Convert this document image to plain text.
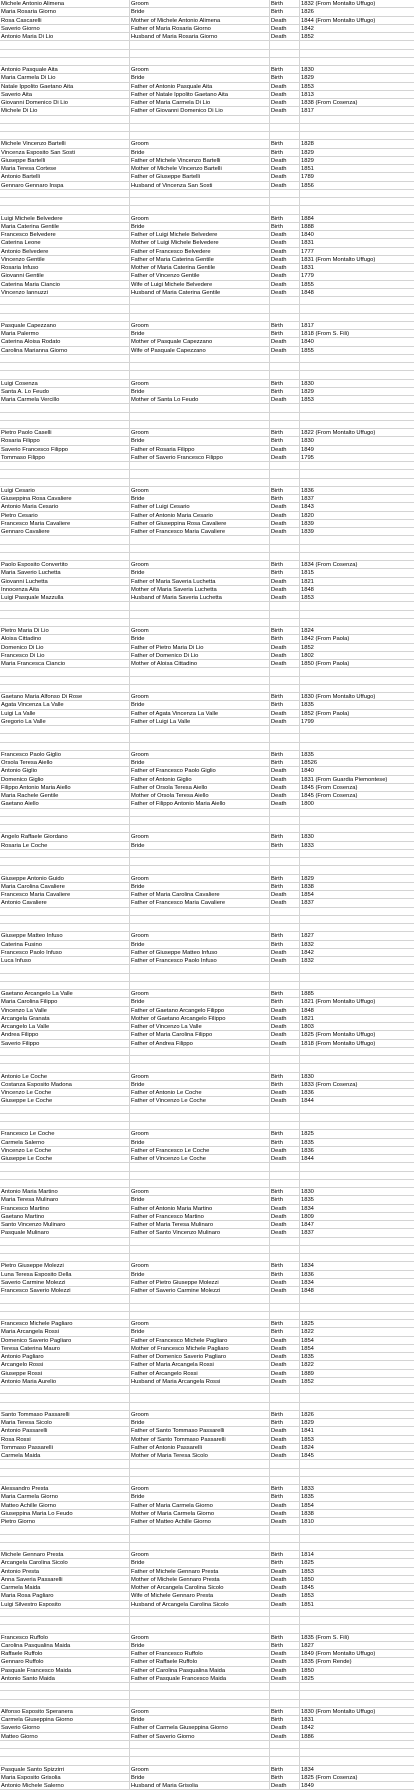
Michele Antonio Alimena	Groom	Birth	1832 (From Montalto Uffugo)
Maria Rosaria Giorno	Bride	Birth	1826
Rosa Cascarelli	Mother of Michele Antonio Alimena	Death	1844 (From Montalto Uffugo)
Saverio Giorno	Father of Maria Rosaria Giorno	Death	1842
Antonio Maria Di Lio	Husband of Maria Rosaria Giorno	Death	1852
Antonio Pasquale Aita	Groom	Birth	1830
Maria Carmela Di Lio	Bride	Birth	1829
Natale Ippolito Gaetano Aita	Father of Antonio Pasquale Aita	Death	1853
Saverio Aita	Father of Natale Ippolito Gaetano Aita	Death	1813
Giovanni Domenico Di Lio	Father of Maria Carmela Di Lio	Death	1838 (From Cosenza)
Michele Di Lio	Father of Giovanni Domenico Di Lio	Death	1817
Michele Vincenzo Bartelli	Groom	Birth	1828
Vincenza Esposito San Sosti	Bride	Birth	1829
Giuseppe Bartelli	Father of Michele Vincenzo Bartelli	Death	1829
Maria Teresa Cortese	Mother of Michele Vincenzo Bartelli	Death	1851
Antonio Bartelli	Father of Giuseppe Bartelli	Death	1789
Gennaro Gennaro Inspa	Husband of Vincenza San Sosti	Death	1856
Luigi Michele Belvedere	Groom	Birth	1884
Maria Caterina Gentile	Bride	Birth	1888
Francesco Belvedere	Father of Luigi Michele Belvedere	Death	1840
Caterina Leone	Mother of Luigi Michele Belvedere	Death	1831
Antonio Belvedere	Father of Francesco Belvedere	Death	1777
Vincenzo Gentile	Father of Maria Caterina Gentile	Death	1831 (From Montalto Uffugo)
Rosaria Infuso	Mother of Maria Caterina Gentile	Death	1831
Giovanni Gentile	Father of Vincenzo Gentile	Death	1779
Caterina Maria Ciancio	Wife of Luigi Michele Belvedere	Death	1855
Vincenzo Iannuzzi	Husband of Maria Caterina Gentile	Death	1848
Pasquale Capezzano	Groom	Birth	1817
Maria Palermo	Bride	Birth	1818 (From S. Fili)
Caterina Aloisa Rodato	Mother of Pasquale Capezzano	Death	1840
Carolina Marianna Giorno	Wife of Pasquale Capezzano	Death	1855
Luigi Cosenza	Groom	Birth	1830
Santa A. Lo Feudo	Bride	Birth	1829
Maria Carmela Vercillo	Mother of Santa Lo Feudo	Death	1853
Pietro Paolo Caselli	Groom	Birth	1822 (From Montalto Uffugo)
Rosaria Filippo	Bride	Birth	1830
Saverio Francesco Filippo	Father of Rosaria Filippo	Death	1849
Tommaso Filippo	Father of Saverio Francesco Filippo	Death	1795
Luigi Cesario	Groom	Birth	1836
Giuseppina Rosa Cavaliere	Bride	Birth	1837
Antonio Maria Cesario	Father of Luigi Cesario	Death	1843
Pietro Cesario	Father of Antonio Maria Cesario	Death	1820
Francesco Maria Cavaliere	Father of Giuseppina Rosa Cavaliere	Death	1839
Gennaro Cavaliere	Father of Francesco Maria Cavaliere	Death	1839
Paolo Esposito Convertito	Groom	Birth	1834 (From Cosenza)
Maria Saverio Luchetta	Bride	Birth	1815
Giovanni Luchetta	Father of Maria Saveria Luchetta	Death	1821
Innocenza Aita	Mother of Maria Saveria Luchetta	Death	1848
Luigi Pasquale Mazzulla	Husband of Maria Saveria Luchetta	Death	1853
Pietro Maria Di Lio	Groom	Birth	1824
Aloisa Cittadino	Bride	Birth	1842 (From Paola)
Domenico Di Lio	Father of Pietro Maria Di Lio	Death	1852
Francesco Di Lio	Father of Domenico Di Lio	Death	1802
Maria Francesca Ciancio	Mother of Aloisa Cittadino	Death	1850 (From Paola)
Gaetano Maria Alfonso Di Rose	Groom	Birth	1830 (From Montalto Uffugo)
Agata Vincenza La Valle	Bride	Birth	1835
Luigi La Valle	Father of Agata Vincenza La Valle	Death	1852 (From Paola)
Gregorio La Valle	Father of Luigi La Valle	Death	1799
Francesco Paolo Giglio	Groom	Birth	1835
Orsola Teresa Aiello	Bride	Birth	18526
Antonio Giglio	Father of Francesco Paolo Giglio	Death	1840
Domenico Giglio	Father of Antonio Giglio	Death	1831 (From Guardia Piemontese)
Filippo Antonio Maria Aiello	Father of Orsola Teresa Aiello	Death	1845 (From Cosenza)
Maria Rachele Gentile	Mother of Orsola Teresa Aiello	Death	1845 (From Cosenza)
Gaetano Aiello	Father of Filippo Antonio Maria Aiello	Death	1800
Angelo Raffaele Giordano	Groom	Birth	1830
Rosaria Le Coche	Bride	Birth	1833
Giuseppe Antonio Guido	Groom	Birth	1829
Maria Carolina Cavaliere	Bride	Birth	1838
Francesco Maria Cavaliere	Father of Maria Carolina Cavaliere	Death	1854
Antonio Cavaliere	Father of Francesco Maria Cavaliere	Death	1837
Giuseppe Matteo Infuso	Groom	Birth	1827
Caterina Fusino	Bride	Birth	1832
Francesco Paolo Infuso	Father of Giuseppe Matteo Infuso	Death	1842
Luca Infuso	Father of Francesco Paolo Infuso	Death	1832
Gaetano Arcangelo La Valle	Groom	Birth	1885
Maria Carolina Filippo	Bride	Birth	1821 (From Montalto Uffugo)
Vincenzo La Valle	Father of Gaetano Arcangelo Filippo	Death	1848
Arcangela Granata	Mother of Gaetano Arcangelo Filippo	Death	1821
Arcangelo La Valle	Father of Vincenzo La Valle	Death	1803
Andrea Filippo	Father of Maria Carolina Filippo	Death	1825 (From Montalto Uffugo)
Saverio Filippo	Father of Andrea Filippo	Death	1818 (From Montalto Uffugo)
Antonio Le Coche	Groom	Birth	1830
Costanza Esposito Madona	Bride	Birth	1833 (From Cosenza)
Vincenzo Le Coche	Father of Antonio Le Coche	Death	1836
Giuseppe Le Coche	Father of Vincenzo Le Coche	Death	1844
Francesco Le Coche	Groom	Birth	1825
Carmela Salerno	Bride	Birth	1835
Vincenzo Le Coche	Father of Francesco Le Coche	Death	1836
Giuseppe Le Coche	Father of Vincenzo Le Coche	Death	1844
Antonio Maria Martino	Groom	Birth	1830
Maria Teresa Mulinaro	Bride	Birth	1835
Francesco Martino	Father of Antonio Maria Martino	Death	1834
Gaetano Martino	Father of Francesco Martino	Death	1809
Santo Vincenzo Mulinaro	Father of Maria Teresa Mulinaro	Death	1847
Pasquale Mulinaro	Father of Santo Vincenzo Mulinaro	Death	1837
Pietro Giuseppe Molezzi	Groom	Birth	1834
Luna Teresa Esposito Della	Bride	Birth	1836
Saverio Carmine Molezzi	Father of Pietro Giuseppe Molezzi	Death	1834
Francesco Saverio Molezzi	Father of Saverio Carmine Molezzi	Death	1848
Francesco Michele Pagliaro	Groom	Birth	1825
Maria Arcangela Rossi	Bride	Birth	1822
Domenico Saverio Pagliaro	Father of Francesco Michele Pagliaro	Death	1854
Teresa Caterina Mauro	Mother of Francesco Michele Pagliaro	Death	1854
Antonio Pagliaro	Father of Domenico Saverio Pagliaro	Death	1835
Arcangelo Rossi	Father of Maria Arcangela Rossi	Death	1822
Giuseppe Rossi	Father of Arcangelo Rossi	Death	1889
Antonio Maria Aurelio	Husband of Maria Arcangela Rossi	Death	1852
Santo Tommaso Passarelli	Groom	Birth	1826
Maria Teresa Sicolo	Bride	Birth	1829
Antonio Passarelli	Father of Santo Tommaso Passarelli	Death	1841
Rosa Rossi	Mother of Santo Tommaso Passarelli	Death	1853
Tommaso Passarelli	Father of Antonio Passarelli	Death	1824
Carmela Maida	Mother of Maria Teresa Sicolo	Death	1845
Alessandro Presta	Groom	Birth	1833
Maria Carmela Giorno	Bride	Birth	1835
Matteo Achille Giorno	Father of Maria Carmela Giorno	Death	1854
Giuseppina Maria Lo Feudo	Mother of Maria Carmela Giorno	Death	1838
Pietro Giorno	Father of Matteo Achille Giorno	Death	1810
Michele Gennaro Presta	Groom	Birth	1814
Arcangela Carolina Sicolo	Bride	Birth	1825
Antonio Presta	Father of Michele Gennaro Presta	Death	1853
Anna Saveria Passarelli	Mother of Michele Gennaro Presta	Death	1850
Carmela Maida	Mother of Arcangela Carolina Sicolo	Death	1845
Maria Rosa Pagliaro	Wife of Michele Gennaro Presta	Death	1853
Luigi Silvestro Esposito	Husband of Arcangela Carolina Sicolo	Death	1851
Francesco Ruffolo	Groom	Birth	1835 (From S. Fili)
Carolina Pasqualina Maida	Bride	Birth	1827
Raffaele Ruffolo	Father of Francesco Ruffolo	Death	1849 (From Montalto Uffugo)
Gennaro Ruffolo	Father of Raffaele Ruffolo	Death	1835 (From Rende)
Pasquale Francesco Maida	Father of Carolina Pasqualina Maida	Death	1850
Antonio Santo Maida	Father of Pasquale Francesco Maida	Death	1825
Alfonso Esposito Speranera	Groom	Birth	1830 (From Montalto Uffugo)
Carmela Giuseppina Giorno	Bride	Birth	1831
Saverio Giorno	Father of Carmela Giuseppina Giorno	Death	1842
Matteo Giorno	Father of Saverio Giorno	Death	1886
Pasquale Santo Spizzirri	Groom	Birth	1834
Maria Esposito Grisolia	Bride	Birth	1825 (From Cosenza)
Antonio Michele Salerno	Husband of Maria Grisolia	Death	1849
